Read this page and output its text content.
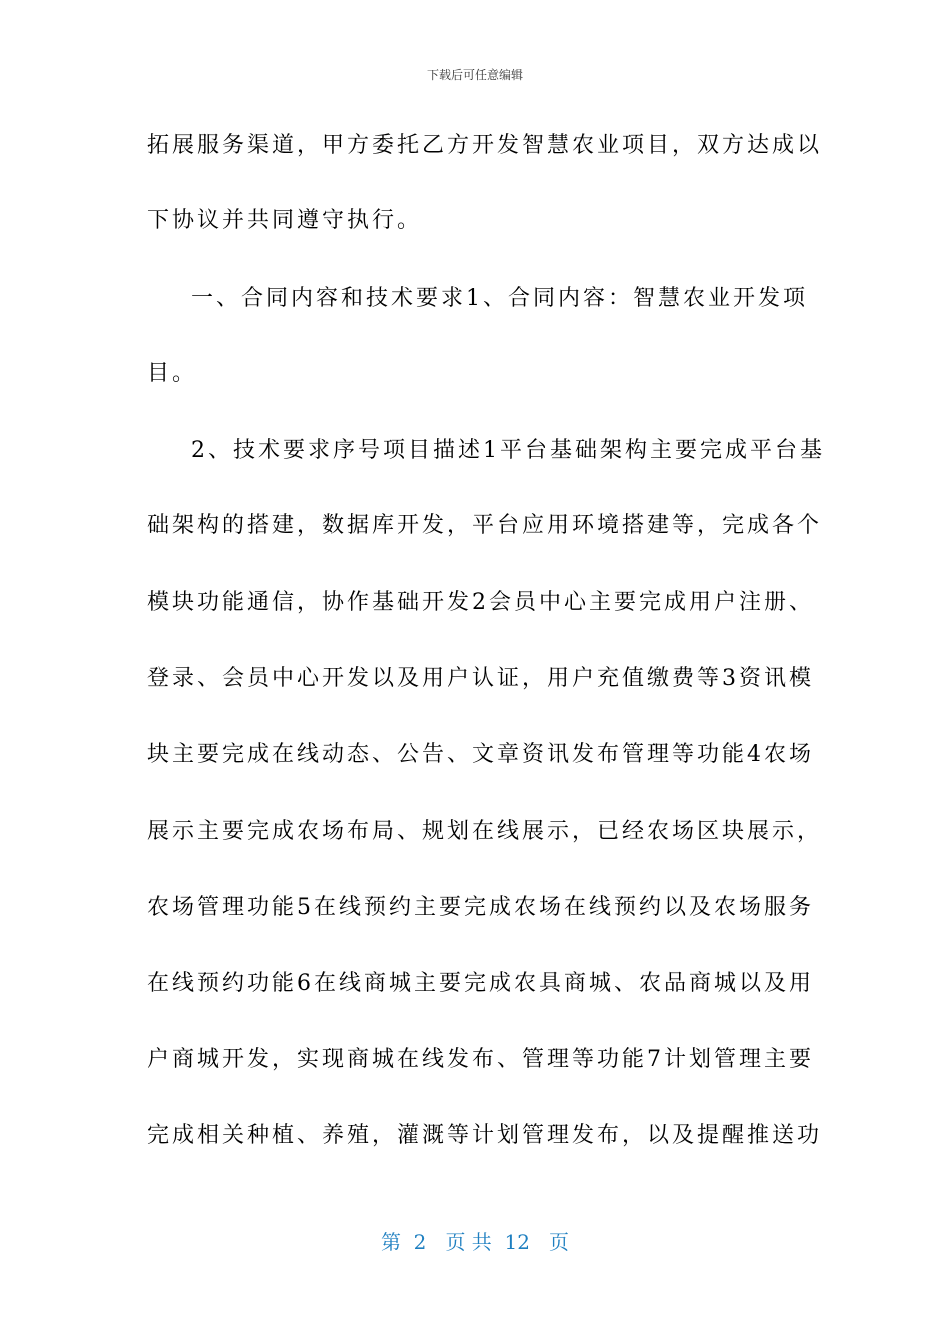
下载后可任意编辑
拓展服务渠道，甲方委托乙方开发智慧农业项目，双方达成以
下协议并共同遵守执行。
一、合同内容和技术要求1、合同内容：智慧农业开发项
目。
2、技术要求序号项目描述1平台基础架构主要完成平台基
础架构的搭建，数据库开发，平台应用环境搭建等，完成各个
模块功能通信，协作基础开发2会员中心主要完成用户注册、
登录、会员中心开发以及用户认证，用户充值缴费等3资讯模
块主要完成在线动态、公告、文章资讯发布管理等功能4农场
展示主要完成农场布局、规划在线展示，已经农场区块展示，
农场管理功能5在线预约主要完成农场在线预约以及农场服务
在线预约功能6在线商城主要完成农具商城、农品商城以及用
户商城开发，实现商城在线发布、管理等功能7计划管理主要
完成相关种植、养殖，灌溉等计划管理发布，以及提醒推送功
第  2   页 共  12   页
